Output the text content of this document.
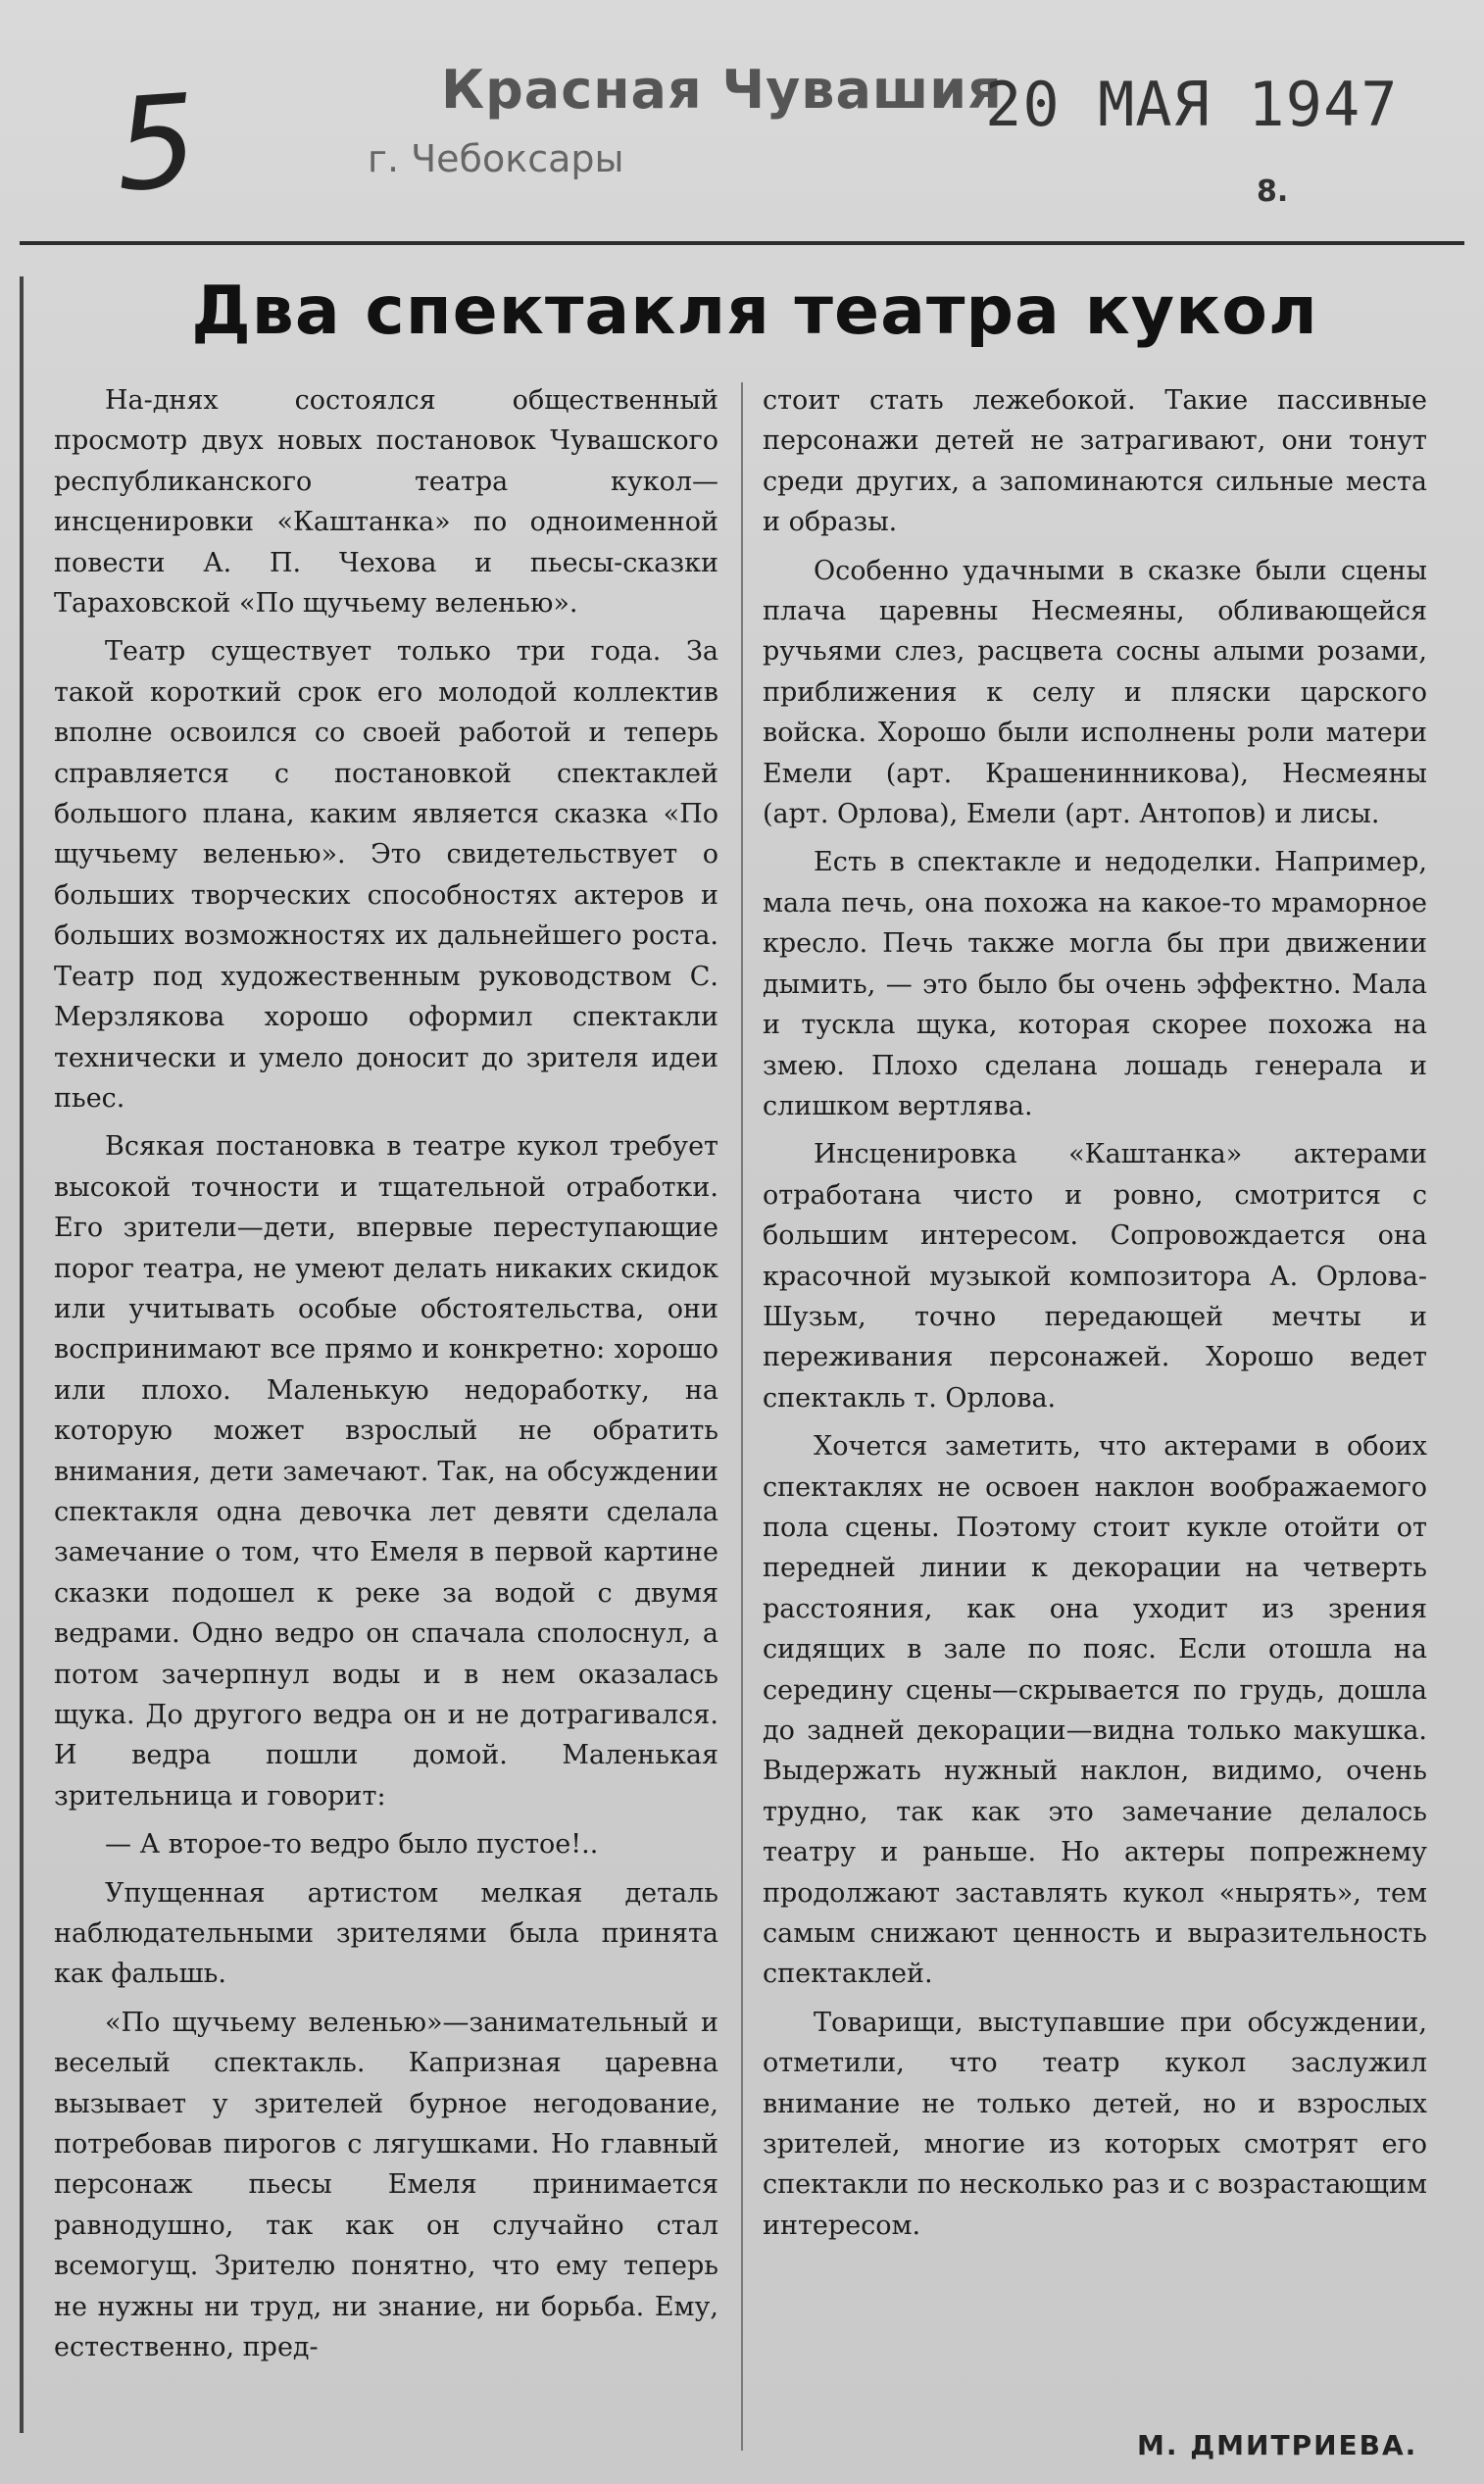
5	Красная Чувашия
г. Чебоксары
20 МАЯ 1947
8.
Два спектакля театра кукол

На-днях состоялся общественный просмотр двух новых постановок Чувашского республиканского театра кукол—инсценировки «Каштанка» по одноименной повести А. П. Чехова и пьесы-сказки Тараховской «По щучьему веленью».

Театр существует только три года. За такой короткий срок его молодой коллектив вполне освоился со своей работой и теперь справляется с постановкой спектаклей большого плана, каким является сказка «По щучьему веленью». Это свидетельствует о больших творческих способностях актеров и больших возможностях их дальнейшего роста. Театр под художественным руководством С. Мерзлякова хорошо оформил спектакли технически и умело доносит до зрителя идеи пьес.

Всякая постановка в театре кукол требует высокой точности и тщательной отработки. Его зрители—дети, впервые переступающие порог театра, не умеют делать никаких скидок или учитывать особые обстоятельства, они воспринимают все прямо и конкретно: хорошо или плохо. Маленькую недоработку, на которую может взрослый не обратить внимания, дети замечают. Так, на обсуждении спектакля одна девочка лет девяти сделала замечание о том, что Емеля в первой картине сказки подошел к реке за водой с двумя ведрами. Одно ведро он спачала сполоснул, а потом зачерпнул воды и в нем оказалась щука. До другого ведра он и не дотрагивался. И ведра пошли домой. Маленькая зрительница и говорит:

— А второе-то ведро было пустое!..

Упущенная артистом мелкая деталь наблюдательными зрителями была принята как фальшь.

«По щучьему веленью»—занимательный и веселый спектакль. Капризная царевна вызывает у зрителей бурное негодование, потребовав пирогов с лягушками. Но главный персонаж пьесы Емеля принимается равнодушно, так как он случайно стал всемогущ. Зрителю понятно, что ему теперь не нужны ни труд, ни знание, ни борьба. Ему, естественно, пред-

стоит стать лежебокой. Такие пассивные персонажи детей не затрагивают, они тонут среди других, а запоминаются сильные места и образы.

Особенно удачными в сказке были сцены плача царевны Несмеяны, обливающейся ручьями слез, расцвета сосны алыми розами, приближения к селу и пляски царского войска. Хорошо были исполнены роли матери Емели (арт. Крашенинникова), Несмеяны (арт. Орлова), Емели (арт. Антопов) и лисы.

Есть в спектакле и недоделки. Например, мала печь, она похожа на какое-то мраморное кресло. Печь также могла бы при движении дымить, — это было бы очень эффектно. Мала и тускла щука, которая скорее похожа на змею. Плохо сделана лошадь генерала и слишком вертлява.

Инсценировка «Каштанка» актерами отработана чисто и ровно, смотрится с большим интересом. Сопровождается она красочной музыкой композитора А. Орлова-Шузьм, точно передающей мечты и переживания персонажей. Хорошо ведет спектакль т. Орлова.

Хочется заметить, что актерами в обоих спектаклях не освоен наклон воображаемого пола сцены. Поэтому стоит кукле отойти от передней линии к декорации на четверть расстояния, как она уходит из зрения сидящих в зале по пояс. Если отошла на середину сцены—скрывается по грудь, дошла до задней декорации—видна только макушка. Выдержать нужный наклон, видимо, очень трудно, так как это замечание делалось театру и раньше. Но актеры попрежнему продолжают заставлять кукол «нырять», тем самым снижают ценность и выразительность спектаклей.

Товарищи, выступавшие при обсуждении, отметили, что театр кукол заслужил внимание не только детей, но и взрослых зрителей, многие из которых смотрят его спектакли по несколько раз и с возрастающим интересом.

М. ДМИТРИЕВА.
